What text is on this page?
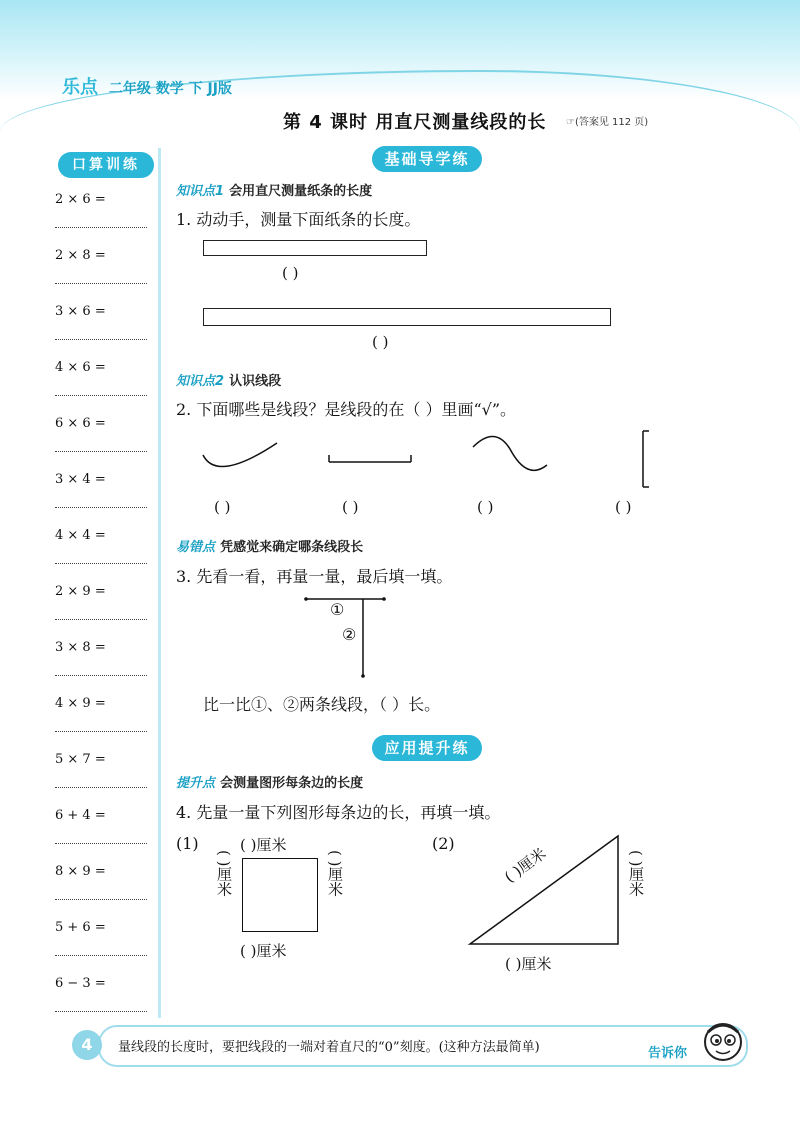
乐点 二年级 数学 下 JJ版
第 4 课时 用直尺测量线段的长 ☞(答案见 112 页)
口算训练
2 × 6 =
2 × 8 =
3 × 6 =
4 × 6 =
6 × 6 =
3 × 4 =
4 × 4 =
2 × 9 =
3 × 8 =
4 × 9 =
5 × 7 =
6 + 4 =
8 × 9 =
5 + 6 =
6 − 3 =
基础导学练
知识点1 会用直尺测量纸条的长度
1. 动动手，测量下面纸条的长度。
( )
( )
知识点2 认识线段
2. 下面哪些是线段？是线段的在（ ）里画“√”。
( )	( )	( )	( )
易错点 凭感觉来确定哪条线段长
3. 先看一看，再量一量，最后填一填。
①
②
比一比①、②两条线段，（ ）长。
应用提升练
提升点 会测量图形每条边的长度
4. 先量一量下列图形每条边的长，再填一填。
(1)	( )厘米
( )厘米	( )厘米
( )厘米
(2)
( )厘米	( )厘米
( )厘米
4	量线段的长度时，要把线段的一端对着直尺的“0”刻度。(这种方法最简单)	告诉你
